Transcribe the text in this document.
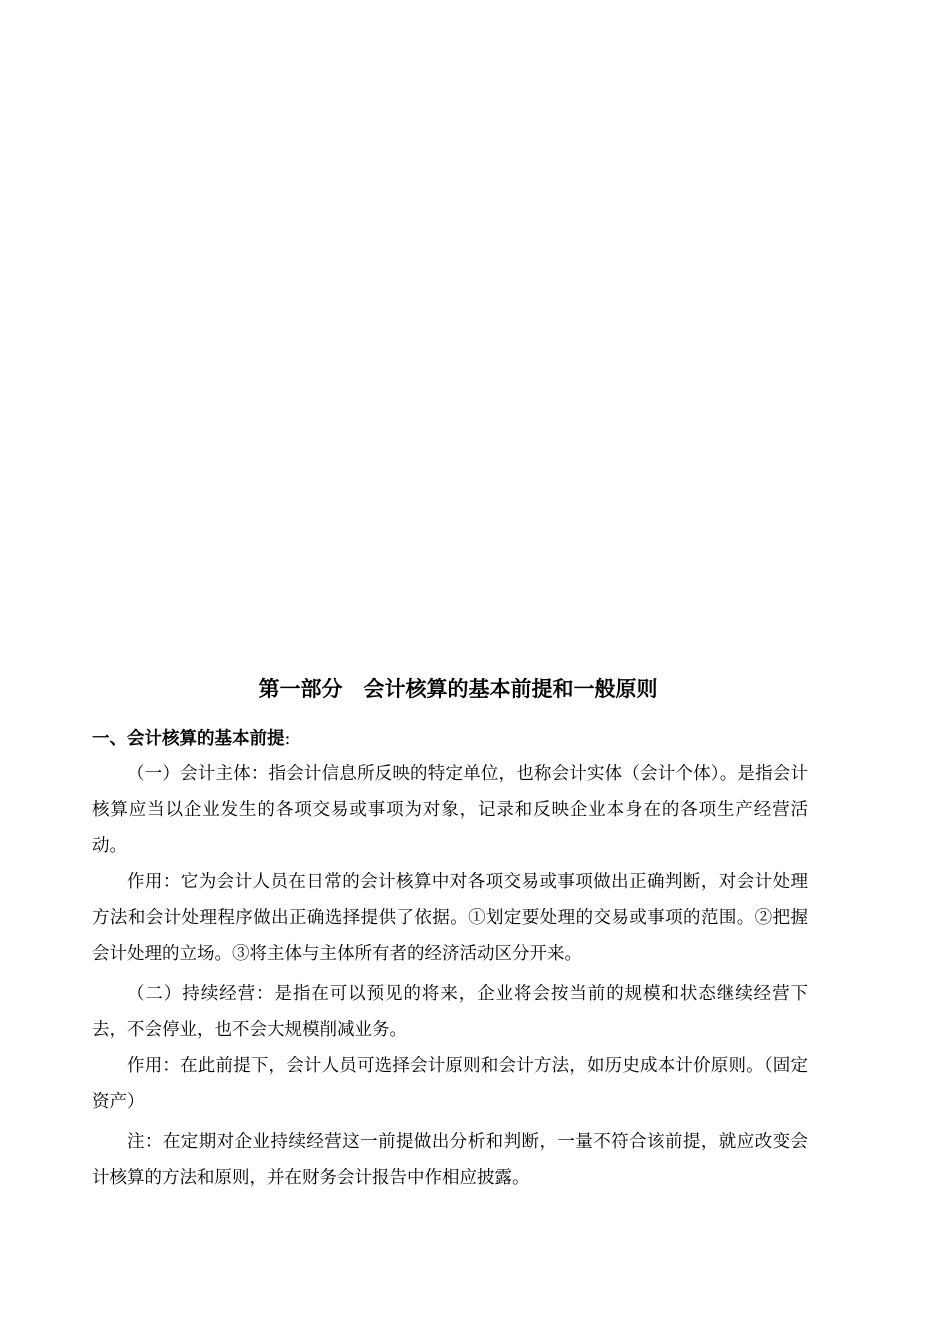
第一部分　会计核算的基本前提和一般原则

一、会计核算的基本前提:

（一）会计主体：指会计信息所反映的特定单位，也称会计实体（会计个体）。是指会计核算应当以企业发生的各项交易或事项为对象，记录和反映企业本身在的各项生产经营活动。

作用：它为会计人员在日常的会计核算中对各项交易或事项做出正确判断，对会计处理方法和会计处理程序做出正确选择提供了依据。①划定要处理的交易或事项的范围。②把握会计处理的立场。③将主体与主体所有者的经济活动区分开来。

（二）持续经营：是指在可以预见的将来，企业将会按当前的规模和状态继续经营下去，不会停业，也不会大规模削减业务。

作用：在此前提下，会计人员可选择会计原则和会计方法，如历史成本计价原则。（固定资产）

注：在定期对企业持续经营这一前提做出分析和判断，一量不符合该前提，就应改变会计核算的方法和原则，并在财务会计报告中作相应披露。
